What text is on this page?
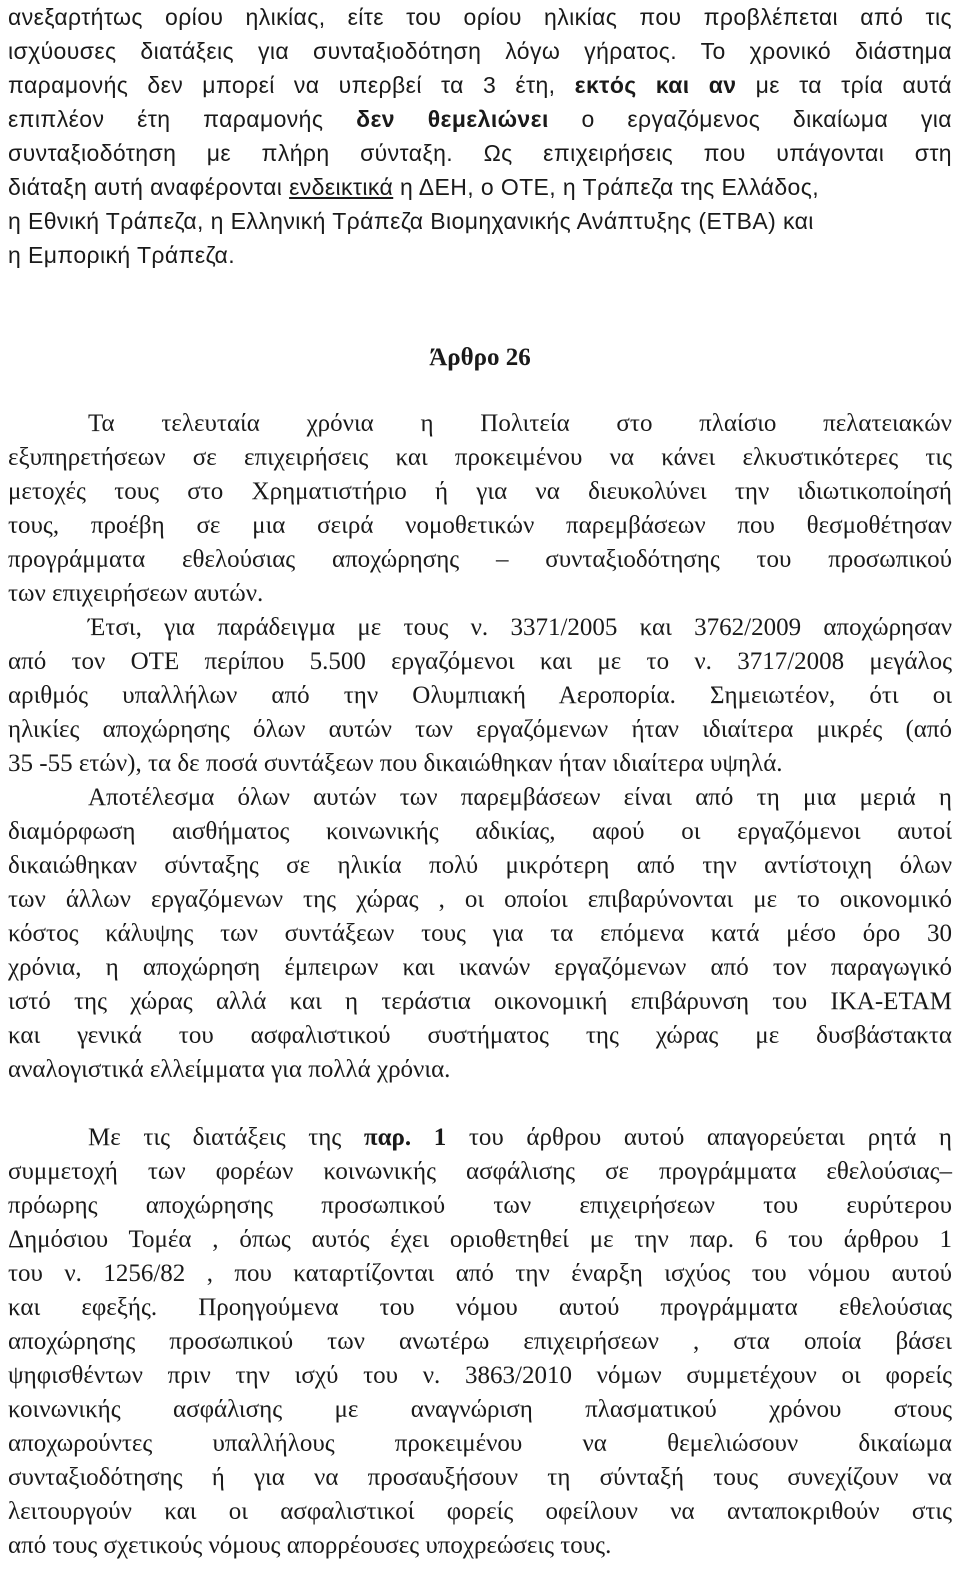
ανεξαρτήτως ορίου ηλικίας, είτε του ορίου ηλικίας που προβλέπεται από τις
ισχύουσες διατάξεις για συνταξιοδότηση λόγω γήρατος. Το χρονικό διάστημα
παραμονής δεν μπορεί να υπερβεί τα 3 έτη, εκτός και αν με τα τρία αυτά
επιπλέον έτη παραμονής δεν θεμελιώνει ο εργαζόμενος δικαίωμα για
συνταξιοδότηση με πλήρη σύνταξη. Ως επιχειρήσεις που υπάγονται στη
διάταξη αυτή αναφέρονται ενδεικτικά η ΔΕΗ, ο ΟΤΕ, η Τράπεζα της Ελλάδος,
η Εθνική Τράπεζα, η Ελληνική Τράπεζα Βιομηχανικής Ανάπτυξης (ΕΤΒΑ) και
η Εμπορική Τράπεζα.
Άρθρο 26
Τα τελευταία χρόνια η Πολιτεία στο πλαίσιο πελατειακών
εξυπηρετήσεων σε επιχειρήσεις και προκειμένου να κάνει ελκυστικότερες τις
μετοχές τους στο Χρηματιστήριο ή για να διευκολύνει την ιδιωτικοποίησή
τους, προέβη σε μια σειρά νομοθετικών παρεμβάσεων που θεσμοθέτησαν
προγράμματα εθελούσιας αποχώρησης – συνταξιοδότησης του προσωπικού
των επιχειρήσεων αυτών.
Έτσι, για παράδειγμα με τους ν. 3371/2005 και 3762/2009 αποχώρησαν
από τον ΟΤΕ περίπου 5.500 εργαζόμενοι και με το ν. 3717/2008 μεγάλος
αριθμός υπαλλήλων από την Ολυμπιακή Αεροπορία. Σημειωτέον, ότι οι
ηλικίες αποχώρησης όλων αυτών των εργαζόμενων ήταν ιδιαίτερα μικρές (από
35 -55 ετών), τα δε ποσά συντάξεων που δικαιώθηκαν ήταν ιδιαίτερα υψηλά.
Αποτέλεσμα όλων αυτών των παρεμβάσεων είναι από τη μια μεριά η
διαμόρφωση αισθήματος κοινωνικής αδικίας, αφού οι εργαζόμενοι αυτοί
δικαιώθηκαν σύνταξης σε ηλικία πολύ μικρότερη από την αντίστοιχη όλων
των άλλων εργαζόμενων της χώρας , οι οποίοι επιβαρύνονται με το οικονομικό
κόστος κάλυψης των συντάξεων τους για τα επόμενα κατά μέσο όρο 30
χρόνια, η αποχώρηση έμπειρων και ικανών εργαζόμενων από τον παραγωγικό
ιστό της χώρας αλλά και η τεράστια οικονομική επιβάρυνση του ΙΚΑ-ΕΤΑΜ
και γενικά του ασφαλιστικού συστήματος της χώρας με δυσβάστακτα
αναλογιστικά ελλείμματα για πολλά χρόνια.
Με τις διατάξεις της παρ. 1 του άρθρου αυτού απαγορεύεται ρητά η
συμμετοχή των φορέων κοινωνικής ασφάλισης σε προγράμματα εθελούσιας–
πρόωρης αποχώρησης προσωπικού των επιχειρήσεων του ευρύτερου
Δημόσιου Τομέα , όπως αυτός έχει οριοθετηθεί με την παρ. 6 του άρθρου 1
του ν. 1256/82 , που καταρτίζονται από την έναρξη ισχύος του νόμου αυτού
και εφεξής. Προηγούμενα του νόμου αυτού προγράμματα εθελούσιας
αποχώρησης προσωπικού των ανωτέρω επιχειρήσεων , στα οποία βάσει
ψηφισθέντων πριν την ισχύ του ν. 3863/2010 νόμων συμμετέχουν οι φορείς
κοινωνικής ασφάλισης με αναγνώριση πλασματικού χρόνου στους
αποχωρούντες υπαλλήλους προκειμένου να θεμελιώσουν δικαίωμα
συνταξιοδότησης ή για να προσαυξήσουν τη σύνταξή τους συνεχίζουν να
λειτουργούν και οι ασφαλιστικοί φορείς οφείλουν να ανταποκριθούν στις
από τους σχετικούς νόμους απορρέουσες υποχρεώσεις τους.
